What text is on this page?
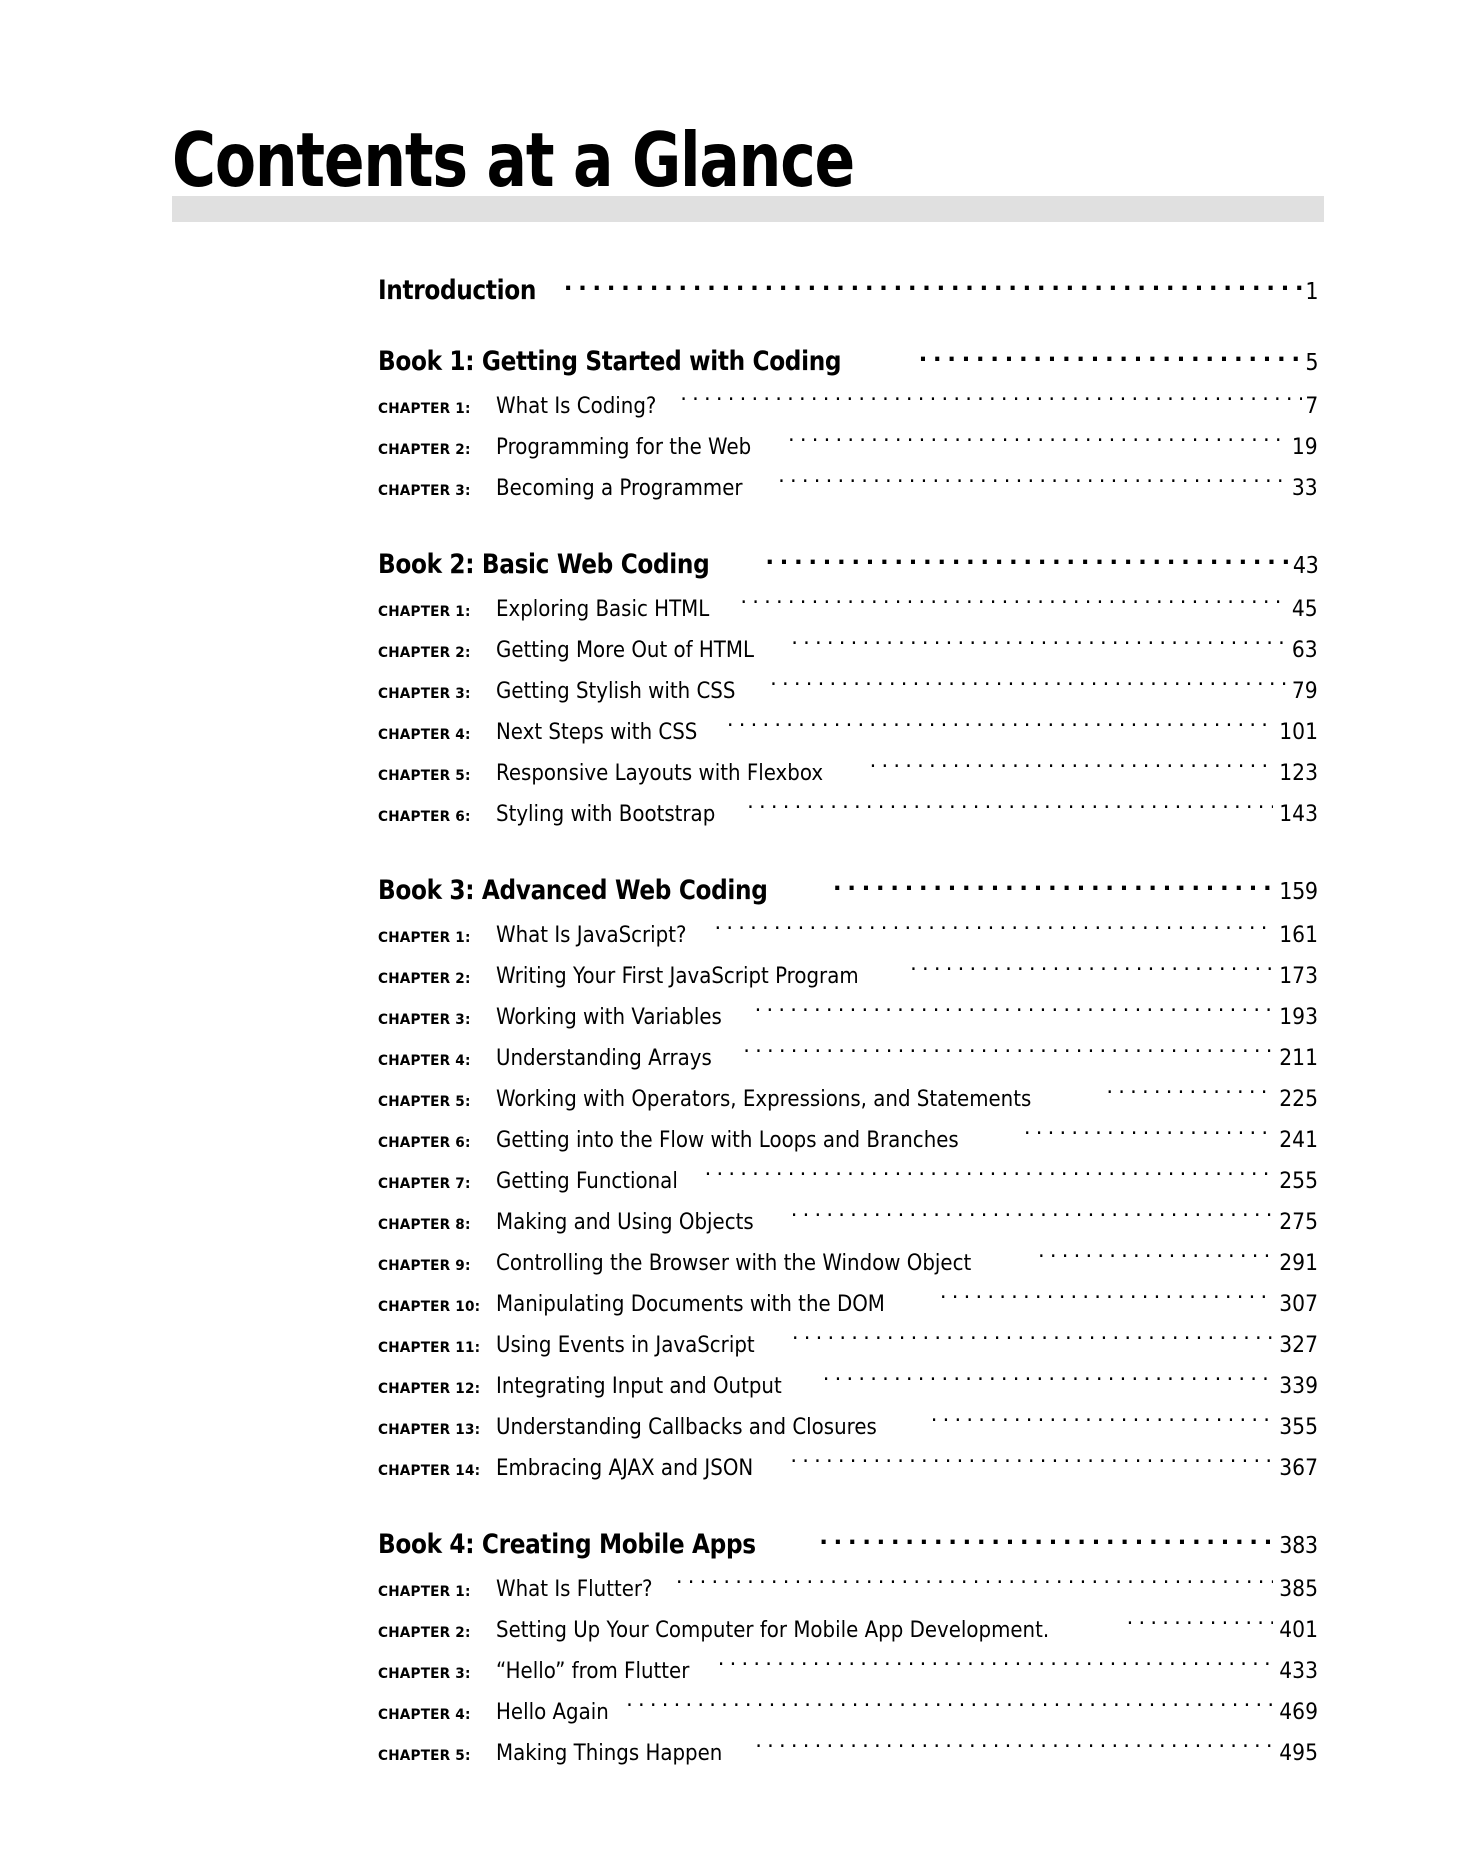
Contents at a Glance
Introduction .....	1
Book 1: Getting Started with Coding .....	5
CHAPTER 1:	What Is Coding? .....	7
CHAPTER 2:	Programming for the Web .....	19
CHAPTER 3:	Becoming a Programmer .....	33
Book 2: Basic Web Coding .....	43
CHAPTER 1:	Exploring Basic HTML .....	45
CHAPTER 2:	Getting More Out of HTML .....	63
CHAPTER 3:	Getting Stylish with CSS .....	79
CHAPTER 4:	Next Steps with CSS .....	101
CHAPTER 5:	Responsive Layouts with Flexbox .....	123
CHAPTER 6:	Styling with Bootstrap .....	143
Book 3: Advanced Web Coding .....	159
CHAPTER 1:	What Is JavaScript? .....	161
CHAPTER 2:	Writing Your First JavaScript Program .....	173
CHAPTER 3:	Working with Variables .....	193
CHAPTER 4:	Understanding Arrays .....	211
CHAPTER 5:	Working with Operators, Expressions, and Statements .....	225
CHAPTER 6:	Getting into the Flow with Loops and Branches .....	241
CHAPTER 7:	Getting Functional .....	255
CHAPTER 8:	Making and Using Objects .....	275
CHAPTER 9:	Controlling the Browser with the Window Object .....	291
CHAPTER 10: Manipulating Documents with the DOM .....	307
CHAPTER 11: Using Events in JavaScript .....	327
CHAPTER 12: Integrating Input and Output .....	339
CHAPTER 13: Understanding Callbacks and Closures .....	355
CHAPTER 14: Embracing AJAX and JSON .....	367
Book 4: Creating Mobile Apps .....	383
CHAPTER 1:	What Is Flutter? .....	385
CHAPTER 2:	Setting Up Your Computer for Mobile App Development. .....	401
CHAPTER 3:	“Hello” from Flutter .....	433
CHAPTER 4:	Hello Again .....	469
CHAPTER 5:	Making Things Happen .....	495
